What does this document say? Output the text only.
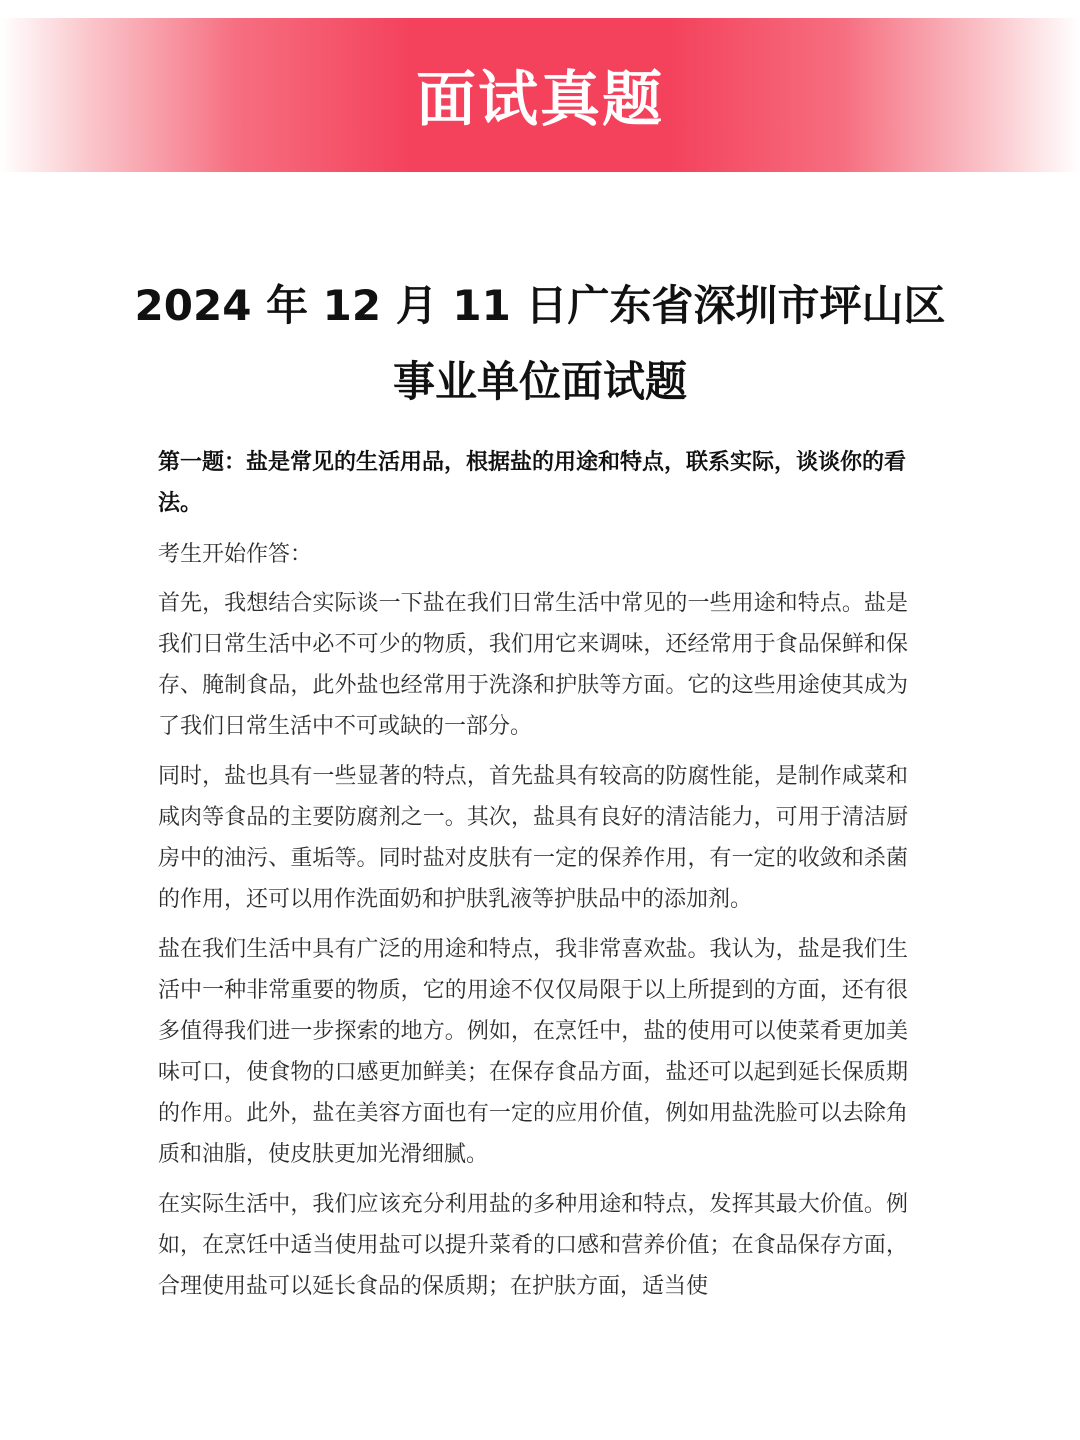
面试真题
2024 年 12 月 11 日广东省深圳市坪山区事业单位面试题

第一题：盐是常见的生活用品，根据盐的用途和特点，联系实际，谈谈你的看法。

考生开始作答：

首先，我想结合实际谈一下盐在我们日常生活中常见的一些用途和特点。盐是我们日常生活中必不可少的物质，我们用它来调味，还经常用于食品保鲜和保存、腌制食品，此外盐也经常用于洗涤和护肤等方面。它的这些用途使其成为了我们日常生活中不可或缺的一部分。

同时，盐也具有一些显著的特点，首先盐具有较高的防腐性能，是制作咸菜和咸肉等食品的主要防腐剂之一。其次，盐具有良好的清洁能力，可用于清洁厨房中的油污、重垢等。同时盐对皮肤有一定的保养作用，有一定的收敛和杀菌的作用，还可以用作洗面奶和护肤乳液等护肤品中的添加剂。

盐在我们生活中具有广泛的用途和特点，我非常喜欢盐。我认为，盐是我们生活中一种非常重要的物质，它的用途不仅仅局限于以上所提到的方面，还有很多值得我们进一步探索的地方。例如，在烹饪中，盐的使用可以使菜肴更加美味可口，使食物的口感更加鲜美；在保存食品方面，盐还可以起到延长保质期的作用。此外，盐在美容方面也有一定的应用价值，例如用盐洗脸可以去除角质和油脂，使皮肤更加光滑细腻。

在实际生活中，我们应该充分利用盐的多种用途和特点，发挥其最大价值。例如，在烹饪中适当使用盐可以提升菜肴的口感和营养价值；在食品保存方面，合理使用盐可以延长食品的保质期；在护肤方面，适当使
